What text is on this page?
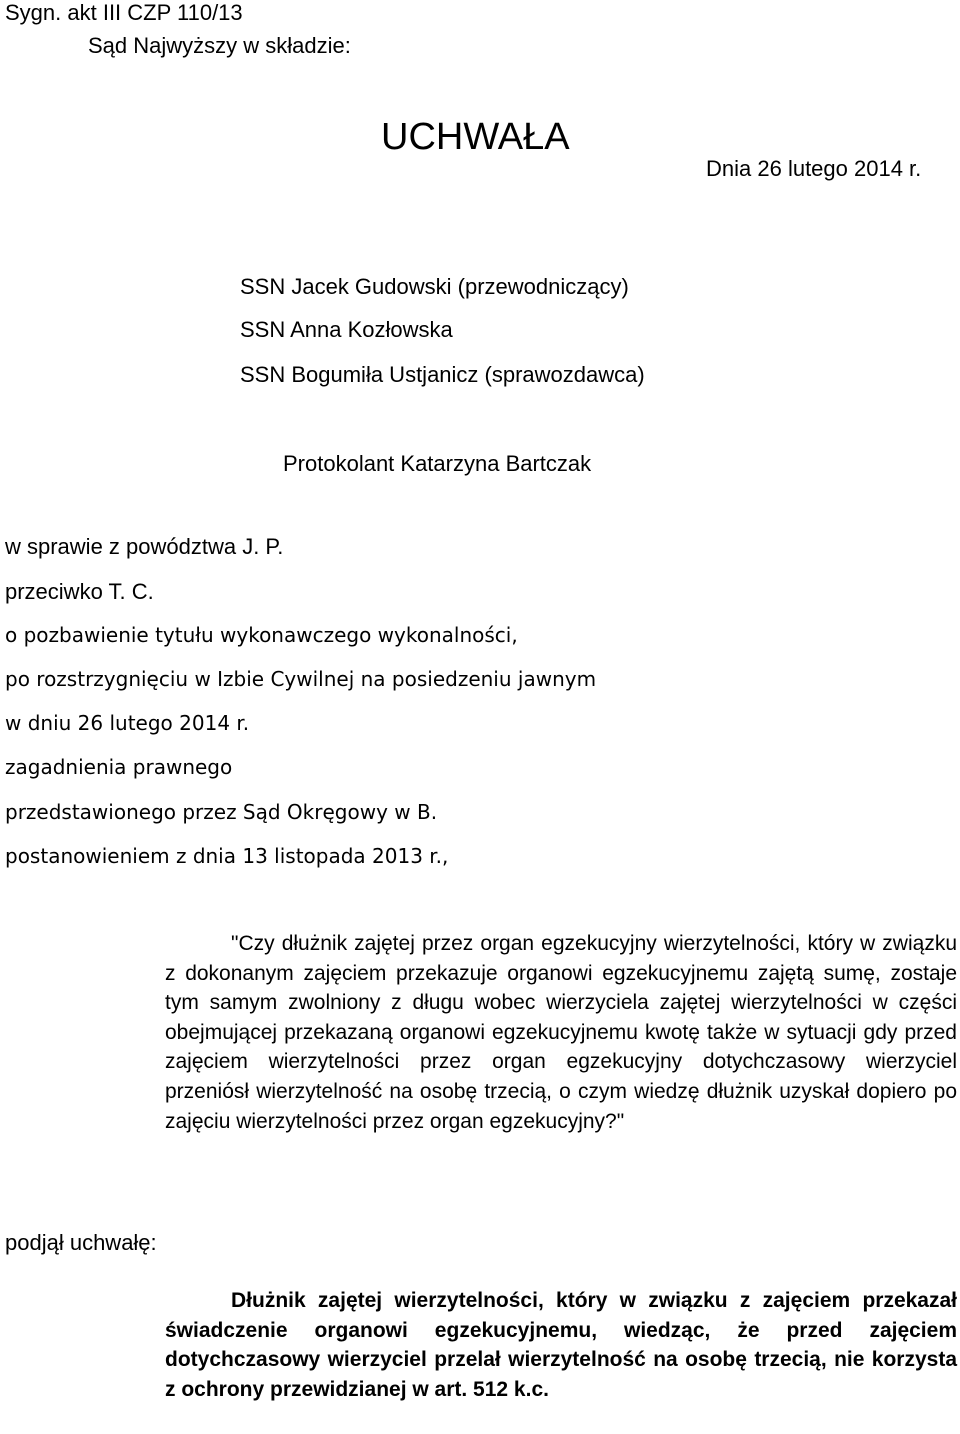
Sygn. akt III CZP 110/13
Sąd Najwyższy w składzie:
UCHWAŁA
Dnia 26 lutego 2014 r.
SSN Jacek Gudowski (przewodniczący)
SSN Anna Kozłowska
SSN Bogumiła Ustjanicz (sprawozdawca)
Protokolant Katarzyna Bartczak
w sprawie z powództwa J. P.
przeciwko T. C.
o pozbawienie tytułu wykonawczego wykonalności,
po rozstrzygnięciu w Izbie Cywilnej na posiedzeniu jawnym
w dniu 26 lutego 2014 r.
zagadnienia prawnego
przedstawionego przez Sąd Okręgowy w B.
postanowieniem z dnia 13 listopada 2013 r.,

"Czy dłużnik zajętej przez organ egzekucyjny wierzytelności, który w związku z dokonanym zajęciem przekazuje organowi egzekucyjnemu zajętą sumę, zostaje tym samym zwolniony z długu wobec wierzyciela zajętej wierzytelności w części obejmującej przekazaną organowi egzekucyjnemu kwotę także w sytuacji gdy przed zajęciem wierzytelności przez organ egzekucyjny dotychczasowy wierzyciel przeniósł wierzytelność na osobę trzecią, o czym wiedzę dłużnik uzyskał dopiero po zajęciu wierzytelności przez organ egzekucyjny?"

podjął uchwałę:

Dłużnik zajętej wierzytelności, który w związku z zajęciem przekazał świadczenie organowi egzekucyjnemu, wiedząc, że przed zajęciem dotychczasowy wierzyciel przelał wierzytelność na osobę trzecią, nie korzysta z ochrony przewidzianej w art. 512 k.c.
